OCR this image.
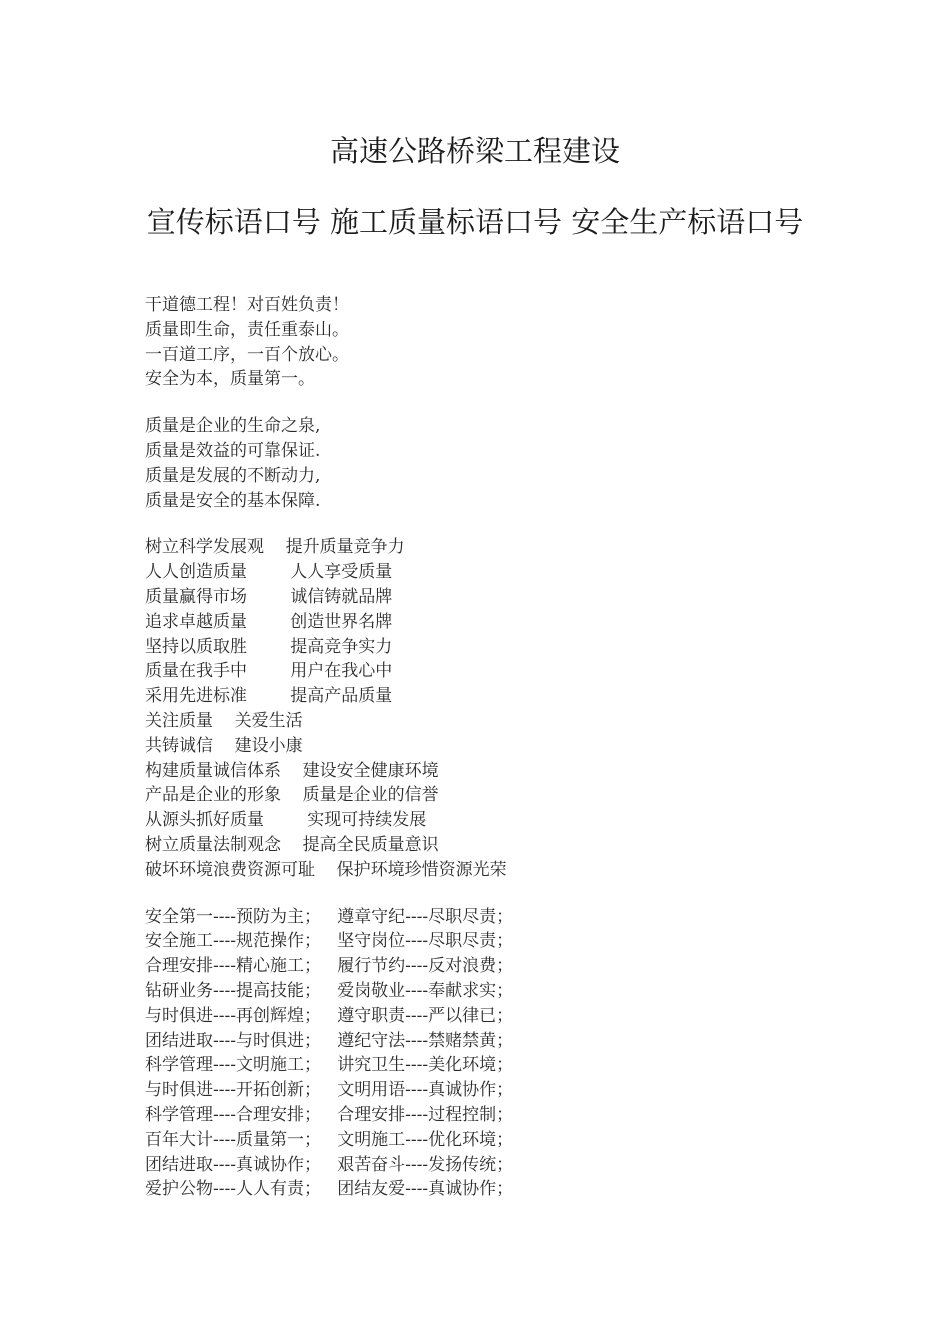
高速公路桥梁工程建设
宣传标语口号 施工质量标语口号 安全生产标语口号
干道德工程！对百姓负责！
质量即生命，责任重泰山。
一百道工序，一百个放心。
安全为本，质量第一。
质量是企业的生命之泉,
质量是效益的可靠保证.
质量是发展的不断动力,
质量是安全的基本保障.
树立科学发展观    提升质量竞争力
人人创造质量        人人享受质量
质量赢得市场        诚信铸就品牌
追求卓越质量        创造世界名牌
坚持以质取胜        提高竞争实力
质量在我手中        用户在我心中
采用先进标准        提高产品质量
关注质量    关爱生活
共铸诚信    建设小康
构建质量诚信体系    建设安全健康环境
产品是企业的形象    质量是企业的信誉
从源头抓好质量        实现可持续发展
树立质量法制观念    提高全民质量意识
破坏环境浪费资源可耻    保护环境珍惜资源光荣
安全第一----预防为主；   遵章守纪----尽职尽责；
安全施工----规范操作；   坚守岗位----尽职尽责；
合理安排----精心施工；   履行节约----反对浪费；
钻研业务----提高技能；   爱岗敬业----奉献求实；
与时俱进----再创辉煌；   遵守职责----严以律已；
团结进取----与时俱进；   遵纪守法----禁赌禁黄；
科学管理----文明施工；   讲究卫生----美化环境；
与时俱进----开拓创新；   文明用语----真诚协作；
科学管理----合理安排；   合理安排----过程控制；
百年大计----质量第一；   文明施工----优化环境；
团结进取----真诚协作；   艰苦奋斗----发扬传统；
爱护公物----人人有责；   团结友爱----真诚协作；
